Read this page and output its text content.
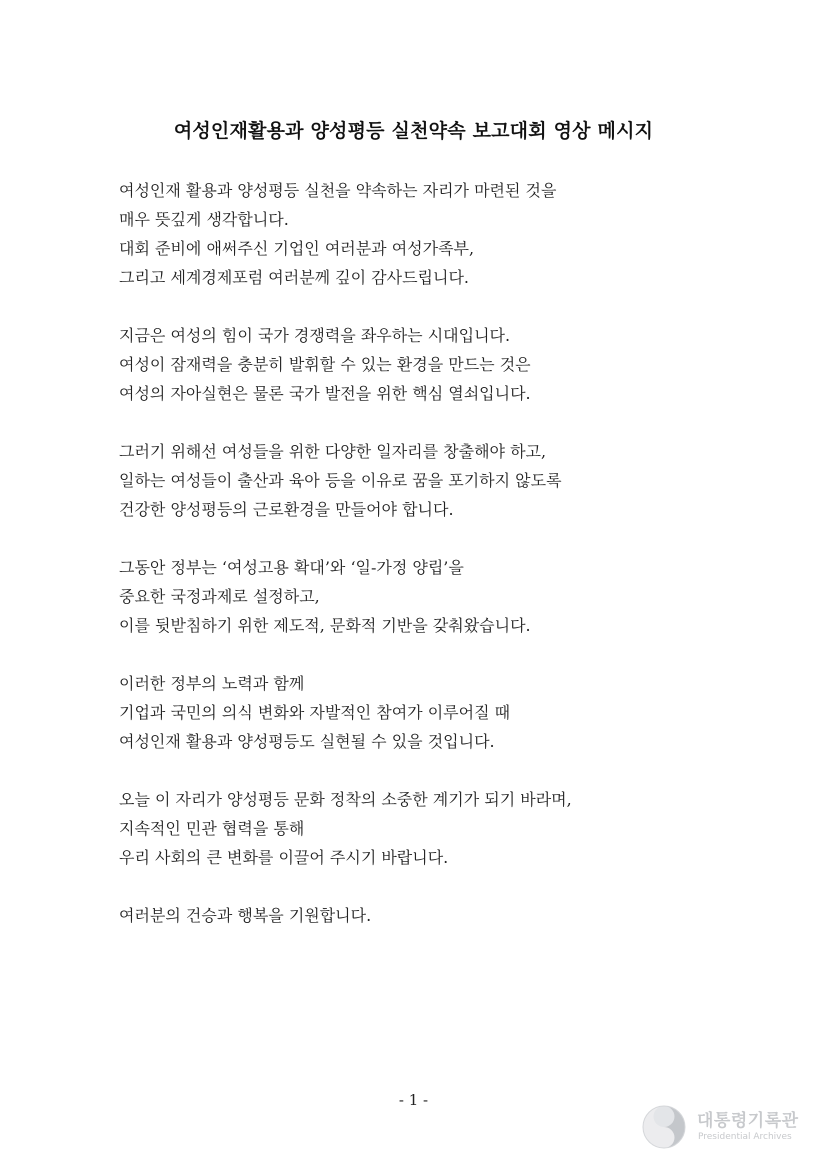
여성인재활용과 양성평등 실천약속 보고대회 영상 메시지
여성인재 활용과 양성평등 실천을 약속하는 자리가 마련된 것을
매우 뜻깊게 생각합니다.
대회 준비에 애써주신 기업인 여러분과 여성가족부,
그리고 세계경제포럼 여러분께 깊이 감사드립니다.
지금은 여성의 힘이 국가 경쟁력을 좌우하는 시대입니다.
여성이 잠재력을 충분히 발휘할 수 있는 환경을 만드는 것은
여성의 자아실현은 물론 국가 발전을 위한 핵심 열쇠입니다.
그러기 위해선 여성들을 위한 다양한 일자리를 창출해야 하고,
일하는 여성들이 출산과 육아 등을 이유로 꿈을 포기하지 않도록
건강한 양성평등의 근로환경을 만들어야 합니다.
그동안 정부는 ‘여성고용 확대’와 ‘일-가정 양립’을
중요한 국정과제로 설정하고,
이를 뒷받침하기 위한 제도적, 문화적 기반을 갖춰왔습니다.
이러한 정부의 노력과 함께
기업과 국민의 의식 변화와 자발적인 참여가 이루어질 때
여성인재 활용과 양성평등도 실현될 수 있을 것입니다.
오늘 이 자리가 양성평등 문화 정착의 소중한 계기가 되기 바라며,
지속적인 민관 협력을 통해
우리 사회의 큰 변화를 이끌어 주시기 바랍니다.
여러분의 건승과 행복을 기원합니다.
- 1 -
대통령기록관
Presidential Archives
